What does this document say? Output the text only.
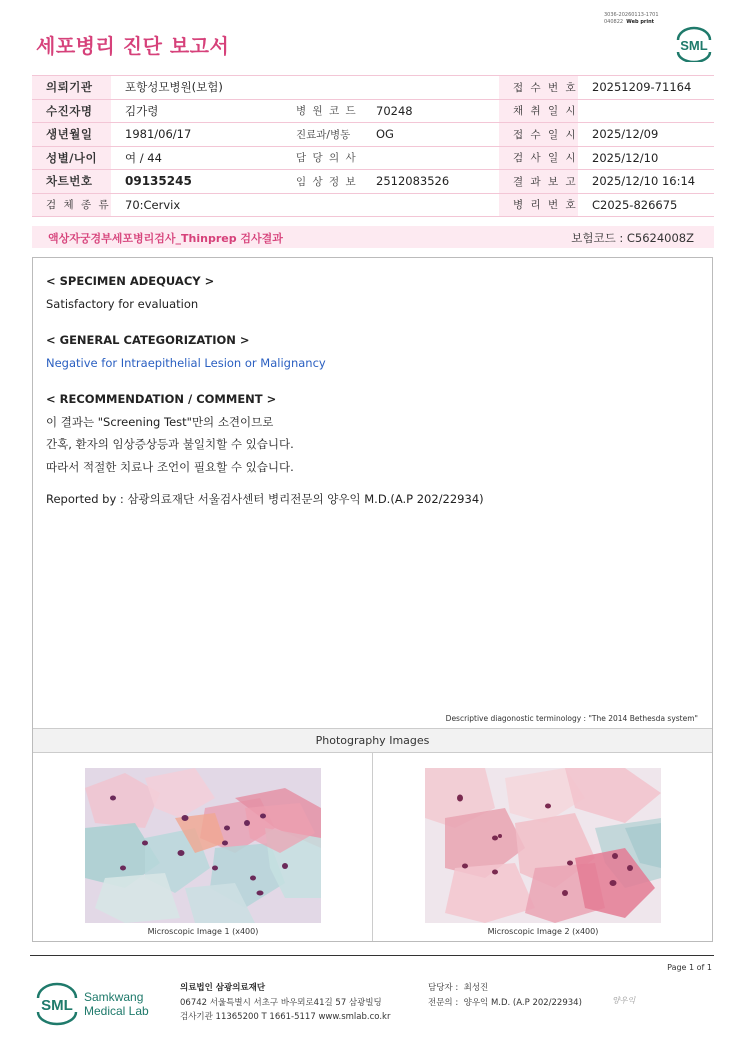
3036-20260113-1701
040822 Web print
세포병리 진단 보고서	SML
의뢰기관	포항성모병원(보험)			접 수 번 호	20251209-71164
수진자명	김가령	병 원 코 드	70248	채 취 일 시	
생년월일	1981/06/17	진료과/병동	OG	접 수 일 시	2025/12/09
성별/나이	여 / 44	담 당 의 사		검 사 일 시	2025/12/10
차트번호	09135245	임 상 정 보	2512083526	결 과 보 고	2025/12/10 16:14
검 체 종 류	70:Cervix			병 리 번 호	C2025-826675
액상자궁경부세포병리검사_Thinprep 검사결과	보험코드 : C5624008Z
< SPECIMEN ADEQUACY >
Satisfactory for evaluation
< GENERAL CATEGORIZATION >
Negative for Intraepithelial Lesion or Malignancy
< RECOMMENDATION / COMMENT >
이 결과는 "Screening Test"만의 소견이므로
간혹, 환자의 임상증상등과 불일치할 수 있습니다.
따라서 적절한 치료나 조언이 필요할 수 있습니다.
Reported by : 삼광의료재단 서울검사센터 병리전문의 양우익 M.D.(A.P 202/22934)
Descriptive diagonostic terminology : "The 2014 Bethesda system"
Photography Images
Microscopic Image 1 (x400)	Microscopic Image 2 (x400)
Page 1 of 1
SML Samkwang
Medical Lab
의료법인 삼광의료재단
06742 서울특별시 서초구 바우뫼로41길 57 삼광빌딩
검사기관 11365200 T 1661-5117 www.smlab.co.kr
담당자 : 최성진
전문의 : 양우익 M.D. (A.P 202/22934)	양우익
